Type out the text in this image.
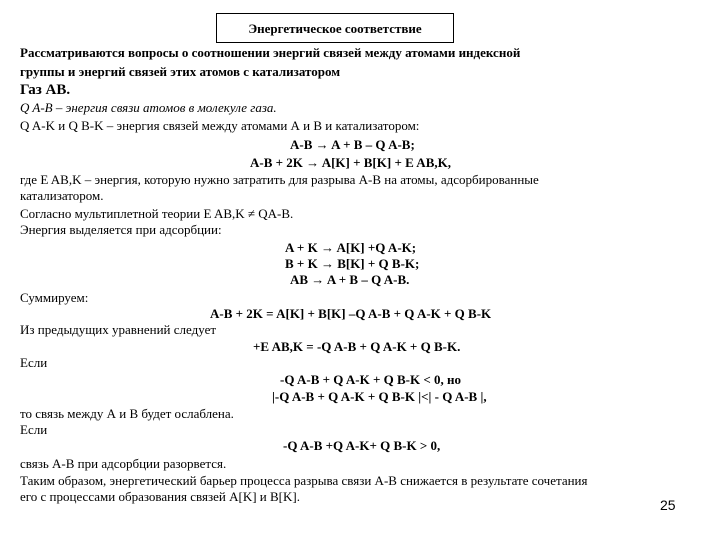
Энергетическое соответствие
Рассматриваются вопросы о соотношении энергий связей между атомами индексной
группы и энергий связей этих атомов с катализатором
Газ АВ.
Q A-B – энергия связи атомов в молекуле газа.
Q A-K и Q B-K – энергия связей между атомами А и В и катализатором:
A-B → A + B – Q A-B;
A-B + 2K → A[K] + B[K] + E AB,K,
где E AB,K – энергия, которую нужно затратить для разрыва A-B на атомы, адсорбированные
катализатором.
Согласно мультиплетной теории E AB,K ≠ QA-B.
Энергия выделяется при адсорбции:
A + K → A[K] +Q A-K;
B + K → B[K] + Q B-K;
AB → A + B – Q A-B.
Суммируем:
A-B + 2K = A[K] + B[K] –Q A-B + Q A-K + Q B-K
Из предыдущих уравнений следует
+E AB,K = -Q A-B + Q A-K + Q B-K.
Если
-Q A-B + Q A-K + Q B-K < 0, но
|-Q A-B + Q A-K + Q B-K |<| - Q A-B |,
то связь между А и В будет ослаблена.
Если
-Q A-B +Q A-K+ Q B-K > 0,
связь А-В при адсорбции разорвется.
Таким образом, энергетический барьер процесса разрыва связи А-В снижается в результате сочетания
его с процессами образования связей A[K] и B[K].
25
